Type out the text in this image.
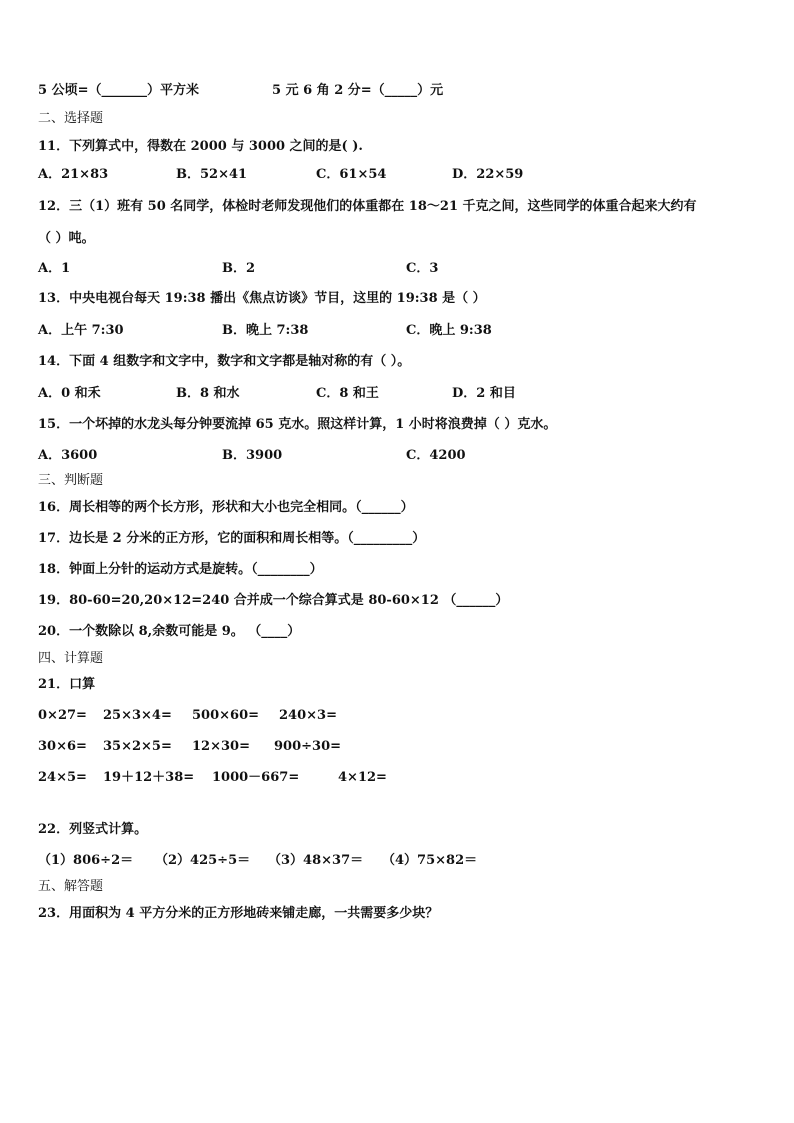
5 公顷=（_______）平方米	5 元 6 角 2 分=（_____）元
二、选择题
11．下列算式中，得数在 2000 与 3000 之间的是( ).
A．21×83	B．52×41	C．61×54	D．22×59
12．三（1）班有 50 名同学，体检时老师发现他们的体重都在 18～21 千克之间，这些同学的体重合起来大约有
（ ）吨。
A．1	B．2	C．3
13．中央电视台每天 19:38 播出《焦点访谈》节目，这里的 19:38 是（ ）
A．上午 7:30	B．晚上 7:38	C．晚上 9:38
14．下面 4 组数字和文字中，数字和文字都是轴对称的有（ ）。
A．0 和禾	B．8 和水	C．8 和王	D．2 和目
15．一个坏掉的水龙头每分钟要流掉 65 克水。照这样计算，1 小时将浪费掉（ ）克水。
A．3600	B．3900	C．4200
三、判断题
16．周长相等的两个长方形，形状和大小也完全相同。（______）
17．边长是 2 分米的正方形，它的面积和周长相等。（_________）
18．钟面上分针的运动方式是旋转。（________）
19．80-60=20,20×12=240 合并成一个综合算式是 80-60×12 （______）
20．一个数除以 8,余数可能是 9。 （____）
四、计算题
21．口算
0×27= 25×3×4= 500×60= 240×3=
30×6= 35×2×5= 12×30= 900÷30=
24×5= 19＋12＋38= 1000－667=	4×12=
22．列竖式计算。
（1）806÷2＝ （2）425÷5＝ （3）48×37＝ （4）75×82＝
五、解答题
23．用面积为 4 平方分米的正方形地砖来铺走廊，一共需要多少块？
